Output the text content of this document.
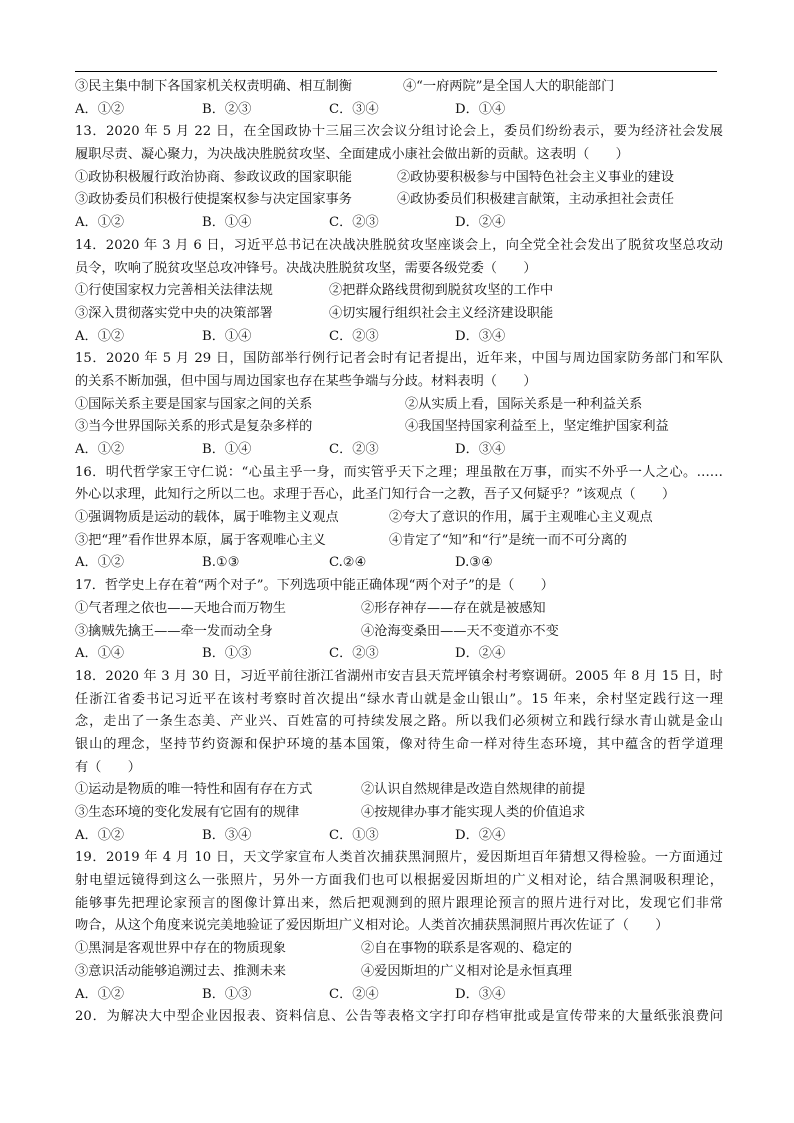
③民主集中制下各国家机关权责明确、相互制衡	④“一府两院”是全国人大的职能部门
A．①②	B．②③	C．③④	D．①④
13．2020 年 5 月 22 日，在全国政协十三届三次会议分组讨论会上，委员们纷纷表示，要为经济社会发展
履职尽责、凝心聚力，为决战决胜脱贫攻坚、全面建成小康社会做出新的贡献。这表明（　　）
①政协积极履行政治协商、参政议政的国家职能	②政协要积极参与中国特色社会主义事业的建设
③政协委员们积极行使提案权参与决定国家事务	④政协委员们积极建言献策，主动承担社会责任
A．①②	B．①④	C．②③	D．②④
14．2020 年 3 月 6 日，习近平总书记在决战决胜脱贫攻坚座谈会上，向全党全社会发出了脱贫攻坚总攻动
员令，吹响了脱贫攻坚总攻冲锋号。决战决胜脱贫攻坚，需要各级党委（　　）
①行使国家权力完善相关法律法规	②把群众路线贯彻到脱贫攻坚的工作中
③深入贯彻落实党中央的决策部署	④切实履行组织社会主义经济建设职能
A．①②	B．①④	C．②③	D．③④
15．2020 年 5 月 29 日，国防部举行例行记者会时有记者提出，近年来，中国与周边国家防务部门和军队
的关系不断加强，但中国与周边国家也存在某些争端与分歧。材料表明（　　）
①国际关系主要是国家与国家之间的关系	②从实质上看，国际关系是一种利益关系
③当今世界国际关系的形式是复杂多样的	④我国坚持国家利益至上，坚定维护国家利益
A．①②	B．①④	C．②③	D．③④
16．明代哲学家王守仁说：“心虽主乎一身，而实管乎天下之理；理虽散在万事，而实不外乎一人之心。……
外心以求理，此知行之所以二也。求理于吾心，此圣门知行合一之教，吾子又何疑乎？”该观点（　　）
①强调物质是运动的载体，属于唯物主义观点	②夸大了意识的作用，属于主观唯心主义观点
③把“理”看作世界本原，属于客观唯心主义	④肯定了“知”和“行”是统一而不可分离的
A．①②	B.①③	C.②④	D.③④
17．哲学史上存在着“两个对子”。下列选项中能正确体现“两个对子”的是（　　）
①气者理之依也——天地合而万物生	②形存神存——存在就是被感知
③擒贼先擒王——牵一发而动全身	④沧海变桑田——天不变道亦不变
A．①④	B．①③	C．②③	D．②④
18．2020 年 3 月 30 日，习近平前往浙江省湖州市安吉县天荒坪镇余村考察调研。2005 年 8 月 15 日，时
任浙江省委书记习近平在该村考察时首次提出“绿水青山就是金山银山”。15 年来，余村坚定践行这一理
念，走出了一条生态美、产业兴、百姓富的可持续发展之路。所以我们必须树立和践行绿水青山就是金山
银山的理念，坚持节约资源和保护环境的基本国策，像对待生命一样对待生态环境，其中蕴含的哲学道理
有（　　）
①运动是物质的唯一特性和固有存在方式	②认识自然规律是改造自然规律的前提
③生态环境的变化发展有它固有的规律	④按规律办事才能实现人类的价值追求
A．①②	B．③④	C．①③	D．②④
19．2019 年 4 月 10 日，天文学家宣布人类首次捕获黑洞照片，爱因斯坦百年猜想又得检验。一方面通过
射电望远镜得到这么一张照片，另外一方面我们也可以根据爱因斯坦的广义相对论，结合黑洞吸积理论，
能够事先把理论家预言的图像计算出来，然后把观测到的照片跟理论预言的照片进行对比，发现它们非常
吻合，从这个角度来说完美地验证了爱因斯坦广义相对论。人类首次捕获黑洞照片再次佐证了（　　）
①黑洞是客观世界中存在的物质现象	②自在事物的联系是客观的、稳定的
③意识活动能够追溯过去、推测未来	④爱因斯坦的广义相对论是永恒真理
A．①②	B．①③	C．②④	D．③④
20．为解决大中型企业因报表、资料信息、公告等表格文字打印存档审批或是宣传带来的大量纸张浪费问
